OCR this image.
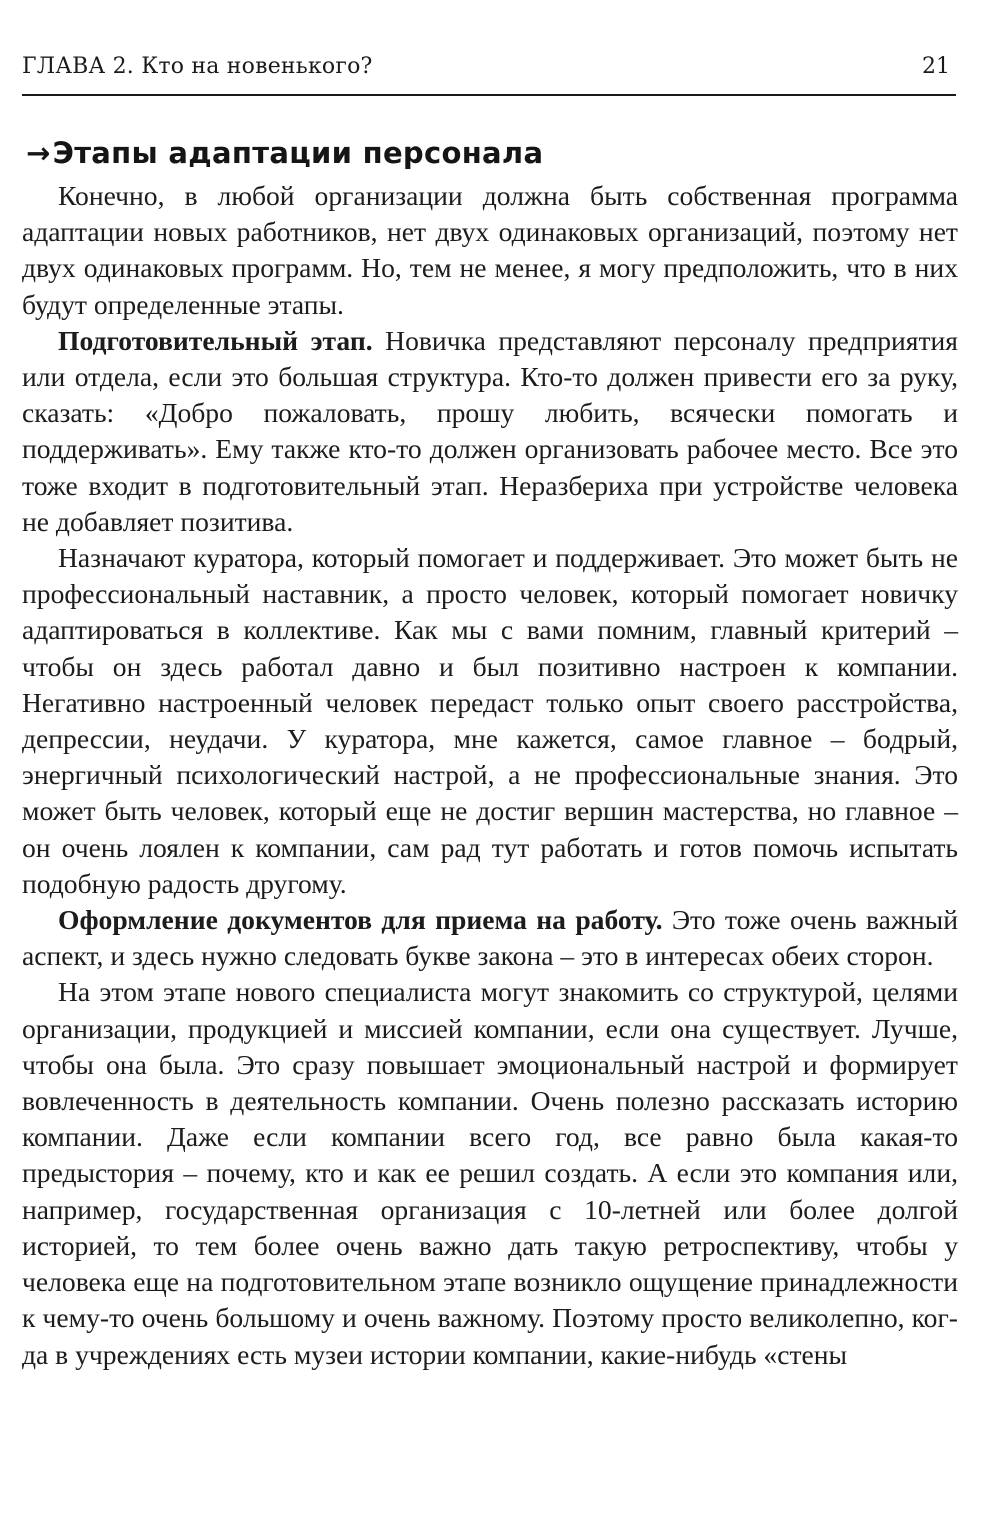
ГЛАВА 2. Кто на новенького?	21
→Этапы адаптации персонала

Конечно, в любой организации должна быть собственная программа адаптации новых работников, нет двух одинаковых организаций, поэтому нет двух одинаковых программ. Но, тем не менее, я могу предположить, что в них будут определенные этапы.

Подготовительный этап. Новичка представляют персоналу предприятия или отдела, если это большая структура. Кто-то должен привести его за руку, сказать: «Добро пожаловать, прошу любить, всячески помогать и поддерживать». Ему также кто-то должен организовать рабочее место. Все это тоже входит в подготовительный этап. Неразбериха при устройстве человека не добавляет позитива.

Назначают куратора, который помогает и поддерживает. Это может быть не профессиональный наставник, а просто человек, который помогает новичку адаптироваться в коллективе. Как мы с вами помним, главный критерий – чтобы он здесь работал давно и был позитивно настроен к компании. Негативно настроенный человек передаст только опыт своего расстройства, депрессии, неудачи. У куратора, мне кажется, самое главное – бодрый, энергичный психологический настрой, а не профессиональные знания. Это может быть человек, который еще не достиг вершин мастерства, но главное – он очень лоялен к компании, сам рад тут работать и готов помочь испытать подобную радость другому.

Оформление документов для приема на работу. Это тоже очень важный аспект, и здесь нужно следовать букве закона – это в интересах обеих сторон.

На этом этапе нового специалиста могут знакомить со структурой, целями организации, продукцией и миссией компании, если она существует. Лучше, чтобы она была. Это сразу повышает эмоциональный настрой и формирует вовлеченность в деятельность компании. Очень полезно рассказать историю компании. Даже если компании всего год, все равно была какая-то предыстория – почему, кто и как ее решил создать. А если это компания или, например, государственная организация с 10-летней или более долгой историей, то тем более очень важно дать такую ретроспективу, чтобы у человека еще на подготовительном этапе возникло ощущение принадлежности к чему-то очень большому и очень важному. Поэтому просто великолепно, когда в учреждениях есть музеи истории компании, какие-нибудь «стены
